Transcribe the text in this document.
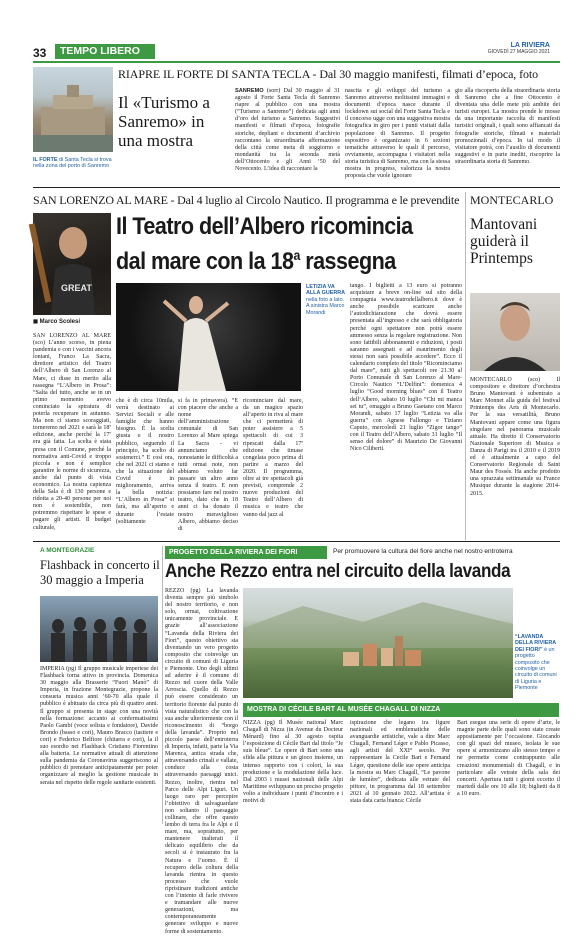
33	TEMPO LIBERO	LA RIVIERA
GIOVEDÌ 27 MAGGIO 2021
IL FORTE di Santa Tecla si trova nella zona del porto di Sanremo
RIAPRE IL FORTE DI SANTA TECLA - Dal 30 maggio manifesti, filmati d’epoca, foto
Il «Turismo a Sanremo» in una mostra
SANREMO (sorr) Dal 30 maggio al 31 agosto il Forte Santa Tecla di Sanremo riapre al pubblico con una mostra (“Turismo a Sanremo”) dedicata agli anni d’oro del turismo a Sanremo. Suggestivi manifesti e filmati d’epoca, fotografie storiche, depliant e documenti d’archivio raccontano la straordinaria affermazione della città come meta di soggiorno e mondanità tra la seconda metà dell’Ottocento e gli Anni ‘50 del Novecento. L’idea di raccontare la
nascita e gli sviluppi del turismo a Sanremo attraverso moltissimi immagini e documenti d’epoca nasce durante il lockdown sui social del Forte Santa Tecla e il concorso ugge con una suggestiva mostra fotografica in giro per i punti visitati dalla popolazione di Sanremo. Il progetto espositivo è organizzato in 6 sezioni tematiche attraverso le quali il percorso, ovviamente, accompagna i visitatori nella storia turistica di Sanremo, ma con la stessa mostra in progress, valorizza la nostra proposta che vuole ignorare
gio alla riscoperta della straordinaria storia di Sanremo che a fine Ottocento è diventata una delle mete più ambite dei turisti europei. La mostra prende le mosse da una importante raccolta di manifesti turistici originali, i quali sono affiancati da fotografie storiche, filmati e materiali promozionali d’epoca. In tal modo il visitatore potrà, con l’ausilio di documenti suggestivi e in parte inediti, riscoprire la straordinaria storia di Sanremo.
SAN LORENZO AL MARE - Dal 4 luglio al Circolo Nautico. Il programma e le prevendite
Il Teatro dell’Albero ricomincia
dal mare con la 18$^a$ rassegna
GREAT
◼ Marco Scolesi
LETIZIA VA ALLA GUERRA nella foto a lato. A sinistra Marco Morandi
SAN LORENZO AL MARE (sco) L’anno scorso, in piena pandemia e con i vaccini ancora lontani, Franco La Sacra, direttore artistico del Teatro dell’Albero di San Lorenzo al Mare, ci disse in merito alla rassegna “L’Albero in Prosa”: “Salta del tutto, anche se in un primo momento avevo cominciato la spiratura di poterla recuperare in autunno. Ma non ci siamo scoraggiati, torneremo nel 2021 e sarà la 18ª edizione, anche perché la 17ª era già fatta. La scelta è stata presa con il Comune, perché la normativa anti-Covid e troppo piccola e non è semplice garantire le norme di sicurezza, anche dal punto di vista economico. La nostra capienza della Sala è di 130 persone e ridotta a 20-40 persone per noi non è sostenibile, non potremmo rispettare le spese e pagare gli artisti. Il budget culturale,
che è di circa 10mila, verrà destinato ai Servizi Sociali e alle famiglie che hanno bisogno. È la scelta giusta e il nostro pubblico, seguendo il principio, ha scelto di sostenerci.” E così ora, che nel 2021 ci stamo e che la situazione del Covid è in miglioramento, arriva la bella notizia: “L’Albero in Prosa” si farà, ma all’aperto e durante l’estate (solitamente
si fa in primavera). “E con piacere che anche a nome dell’amministrazione comunale di San Lorenzo al Mare spiega La Sacra - vi annunciamo che nonostante le difficoltà a tutti ormai note, non abbiamo voluto far passare un altro anno senza il teatro. E non possiamo fare nel nostro teatro, dato che in 18 anni ci ha donato il nostro meraviglioso Albero, abbiamo deciso di
ricominciare dal mare, da un magico spazio all’aperto in riva al mare che ci permetterà di poter assistere a 5 spettacoli di cui 3 ripescati dalla 17ª edizione che timase congelata poco prima di partire a marzo del 2020. Il programma, oltre ai tre spettacoli già previsti, comprende 2 nuove produzioni del Teatro dell’Albero di musica e teatro che vanno dal jazz al
tango. I biglietti a 13 euro si potranno acquistare a breve on-line sul sito della compagnia www.teatrodellalbero.it dove è anche possibile scaricare anche l’autodichiarazione che dovrà essere presentata all’ingresso e che sarà obbligatoria perché ogni spettatore non potrà essere ammesso senza la regolare registrazione. Non sono fattibili abbonamenti e riduzioni, i posti saranno assegnati e ad esaurimento degli stessi non sarà possibile accedere”. Ecco il calendario completo del titolo “Ricominciamo dal mare”, tutti gli spettacoli ore 21.30 al Porto Comunale di San Lorenzo al Mare-Circolo Nautico “L’Delfini”: domenica 4 luglio “Good morning blues” con il Teatro dell’Albero, sabato 10 luglio “Chi mi manca sei tu”, omaggio a Bruno Gaetano con Marco Morandi, sabato 17 luglio “Letizia va alla guerra” con Agnese Fallongo e Tiziano Caputo, mercoledì 21 luglio “Zigor tango” con il Teatro dell’Albero, sabato 31 luglio “Il senso del dolore” di Maurizio De Giovanni Nico Ciliberti.
MONTECARLO
Mantovani guiderà il Printemps
MONTECARLO (sco) Il compositore e direttore d’orchestra Bruno Mantovani è subentrato a Marc Monnet alla guida del festival Printemps des Arts di Montecarlo. Per la sua versatilità, Bruno Mantovani appare come una figura singolare nel panorama musicale attuale. Ha diretto il Conservatorio Nazionale Superiore di Musica e Danza di Parigi tra il 2010 e il 2019 ed è attualmente a capo del Conservatorio Regionale di Saint Maur des Fossés. Ha anche prodotto una sprazzata settimanale su France Musique durante la stagione 2014-2015.
A MONTEGRAZIE
Flashback in concerto il 30 maggio a Imperia
IMPERIA (pg) Il gruppo musicale imperiese dei Flashback torna attivo in provincia. Domenica 30 maggio alla Brasserie “Fuori Manò” di Imperia, in frazione Montegrazie, propone la consueta musica anni ’60-70 alla quale il pubblico è abituato da circa più di quattro anni. Il gruppo si presenta in stage con una novità nella formazione: accanto ai confermatissimi Paolo Gambi (voce solista e fondatore), Davide Brondo (basso e cori), Mauro Bracco (tastiere e cori) e Federico Belfiore (chitarra e cori), la il suo esordio nei Flashback Cristiano Fiorentino alla batteria. Le normative attuali di attenzione sulla pandemia da Coronavirus suggeriscono al pubblico di prenotare anticipatamente per poter organizzare al meglio la gestione musicale in serata nel rispetto delle regole sanitarie esistenti.
PROGETTO DELLA RIVIERA DEI FIORI	Per promuovere la cultura del fiore anche nel nostro entroterra
Anche Rezzo entra nel circuito della lavanda
REZZO (pg) La lavanda diventa sempre più simbolo del nostro territorio, e non solo, ormai, coltivazione unicamente provinciale. E grazie all’associazione “Lavanda della Riviera dei Fiori”, questo obiettivo sta diventando un vero progetto composito che coinvolge un circuito di comuni di Liguria e Piemonte. Uno degli ultimi ad aderire è il comune di Rezzo nel cuore della Valle Arroscia. Quello di Rezzo può essere considerato un territorio fiorente dal punto di vista naturalistico che con la sua anche ulteriormente con il riconoscimento di “borgo della lavanda”. Proprio nel piccolo paese dell’entroterra di Imperia, infatti, parte la Via Marenca, antica strada che, attraversando crinali e vallate, conduce alla costa attraversando paesaggi unici. Rezzo, inoltre, rientra nel Parco delle Alpi Liguri. Un luogo raro per percepire l’obiettivo di salvaguardare non soltanto il paesaggio collinare, che offre questo lembo di terra fra le Alpi e il mare, ma, soprattutto, per mantenere inalterati il delicato equilibrio che da secoli si è instaurato fra la Natura e l’uomo. È il recupero della coltura della lavanda rientra in questo processo che vuole ripristinare tradizioni antiche con l’intento di farle rivivere e tramandare alle nuove generazioni, ma contemporaneamente generare sviluppo e nuove forme di sostentamento.
“LAVANDA DELLA RIVIERA DEI FIORI” è un progetto composito che coinvolge un circuito di comuni di Liguria e Piemonte
MOSTRA DI CÉCILE BART AL MUSÉE CHAGALL DI NIZZA
NIZZA (pg) Il Musée national Marc Chagall di Nizza (in Avenue du Docteur Ménard) fino al 30 agosto ospita l’esposizione di Cécile Bart dal titolo “Je suis bleue”. Le opere di Bart sono una sfida alla pittura e un gioco insieme, un intenso rapporto con i colori, la sua produzione e la modulazione della luce. Dal 2003 i musei nazionali delle Alpi Marittime sviluppano un preciso progetto volto a individuare i punti d’incontro e i motivi di
ispirazione che legano tra figure nazionali ed emblematiche delle avanguardie artistiche, vale a dire Marc Chagall, Fernand Léger e Pablo Picasso, agli artisti del XXI° secolo. Per rappresentare la Cecile Bart e Fernand Léger, questione delle sue opere anticipa la mostra su Marc Chagall, “Le pavone de lumière”, dedicata alle vetrate del pittore, in programma dal 18 settembre 2021 al 10 gennaio 2022. All’artista è stata data carta bianca: Cécile
Bart esegue una serie di opere d’arte, le magnie parte delle quali sono state create appositamente per l’occasione. Giocando con gli spazi del museo, isolata le sue opere si armonizzano allo stesso tempo e ne permette come contrappunto alle creazioni monumentali di Chagall, e in particolare alle vetrate della sala dei concerti. Apertura tutti i giorni eccetto il martedì dalle ore 10 alle 18; biglietti da 8 a 10 euro.
